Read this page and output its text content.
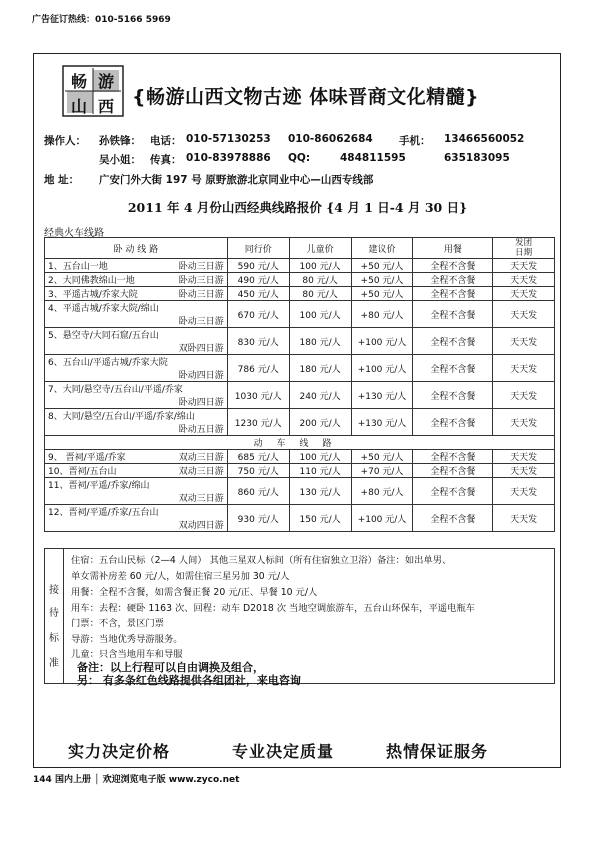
广告征订热线：010-5166 5969
畅 游
山 西 {畅游山西文物古迹 体味晋商文化精髓}
操作人： 孙铁锋： 电话： 010-57130253 010-86062684	手机： 13466560052
吴小姐： 传真： 010-83978886 QQ:	484811595	635183095
地 址： 广安门外大街 197 号 原野旅游北京同业中心—山西专线部
2011 年 4 月份山西经典线路报价 {4 月 1 日-4 月 30 日}
经典火车线路
卧 动 线 路	同行价	儿童价	建议价	用餐	发团
日期
1、五台山一地 卧动三日游	590 元/人	100 元/人	+50 元/人	全程不含餐	天天发
2、大同佛教绵山一地 卧动三日游	490 元/人	80 元/人	+50 元/人	全程不含餐	天天发
3、平遥古城/乔家大院 卧动三日游	450 元/人	80 元/人	+50 元/人	全程不含餐	天天发

4、平遥古城/乔家大院/绵山
卧动三日游	670 元/人	100 元/人	+80 元/人	全程不含餐	天天发

5、悬空寺/大同石窟/五台山
双卧四日游	830 元/人	180 元/人	+100 元/人	全程不含餐	天天发

6、五台山/平遥古城/乔家大院
卧动四日游	786 元/人	180 元/人	+100 元/人	全程不含餐	天天发

7、大同/悬空寺/五台山/平遥/乔家
卧动四日游	1030 元/人	240 元/人	+130 元/人	全程不含餐	天天发

8、大同/悬空/五台山/平遥/乔家/绵山
卧动五日游	1230 元/人	200 元/人	+130 元/人	全程不含餐	天天发
动车线路					
9、 晋祠/平遥/乔家 双动三日游	685 元/人	100 元/人	+50 元/人	全程不含餐	天天发
10、晋祠/五台山 双动三日游	750 元/人	110 元/人	+70 元/人	全程不含餐	天天发

11、晋祠/平遥/乔家/绵山
双动三日游	860 元/人	130 元/人	+80 元/人	全程不含餐	天天发

12、晋祠/平遥/乔家/五台山
双动四日游	930 元/人	150 元/人	+100 元/人	全程不含餐	天天发
接
待
标
准
住宿：五台山民标（2—4 人间） 其他三星双人标间（所有住宿独立卫浴）备注：如出单男、
单女需补房差 60 元/人，如需住宿三星另加 30 元/人
用餐：全程不含餐，如需含餐正餐 20 元/正、早餐 10 元/人
用车：去程：硬卧 1163 次、回程：动车 D2018 次 当地空调旅游车，五台山环保车，平遥电瓶车
门票：不含，景区门票
导游：当地优秀导游服务。
儿童：只含当地用车和导服
备注：以上行程可以自由调换及组合，
另： 有多条红色线路提供各组团社，来电咨询
实力决定价格	专业决定质量	热情保证服务
144 国内上册 │ 欢迎浏览电子版 www.zyco.net
